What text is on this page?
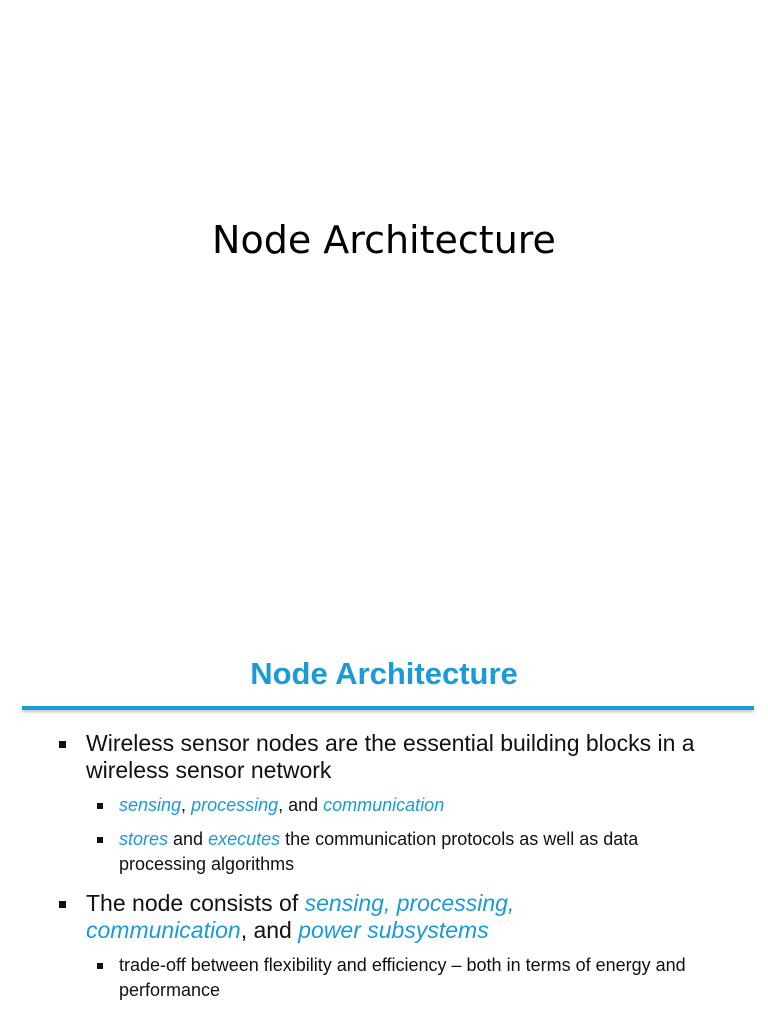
Node Architecture
Node Architecture
Wireless sensor nodes are the essential building blocks in a wireless sensor network
sensing, processing, and communication
stores and executes the communication protocols as well as data processing algorithms
The node consists of sensing, processing,
communication, and power subsystems
trade-off between flexibility and efficiency – both in terms of energy and performance
